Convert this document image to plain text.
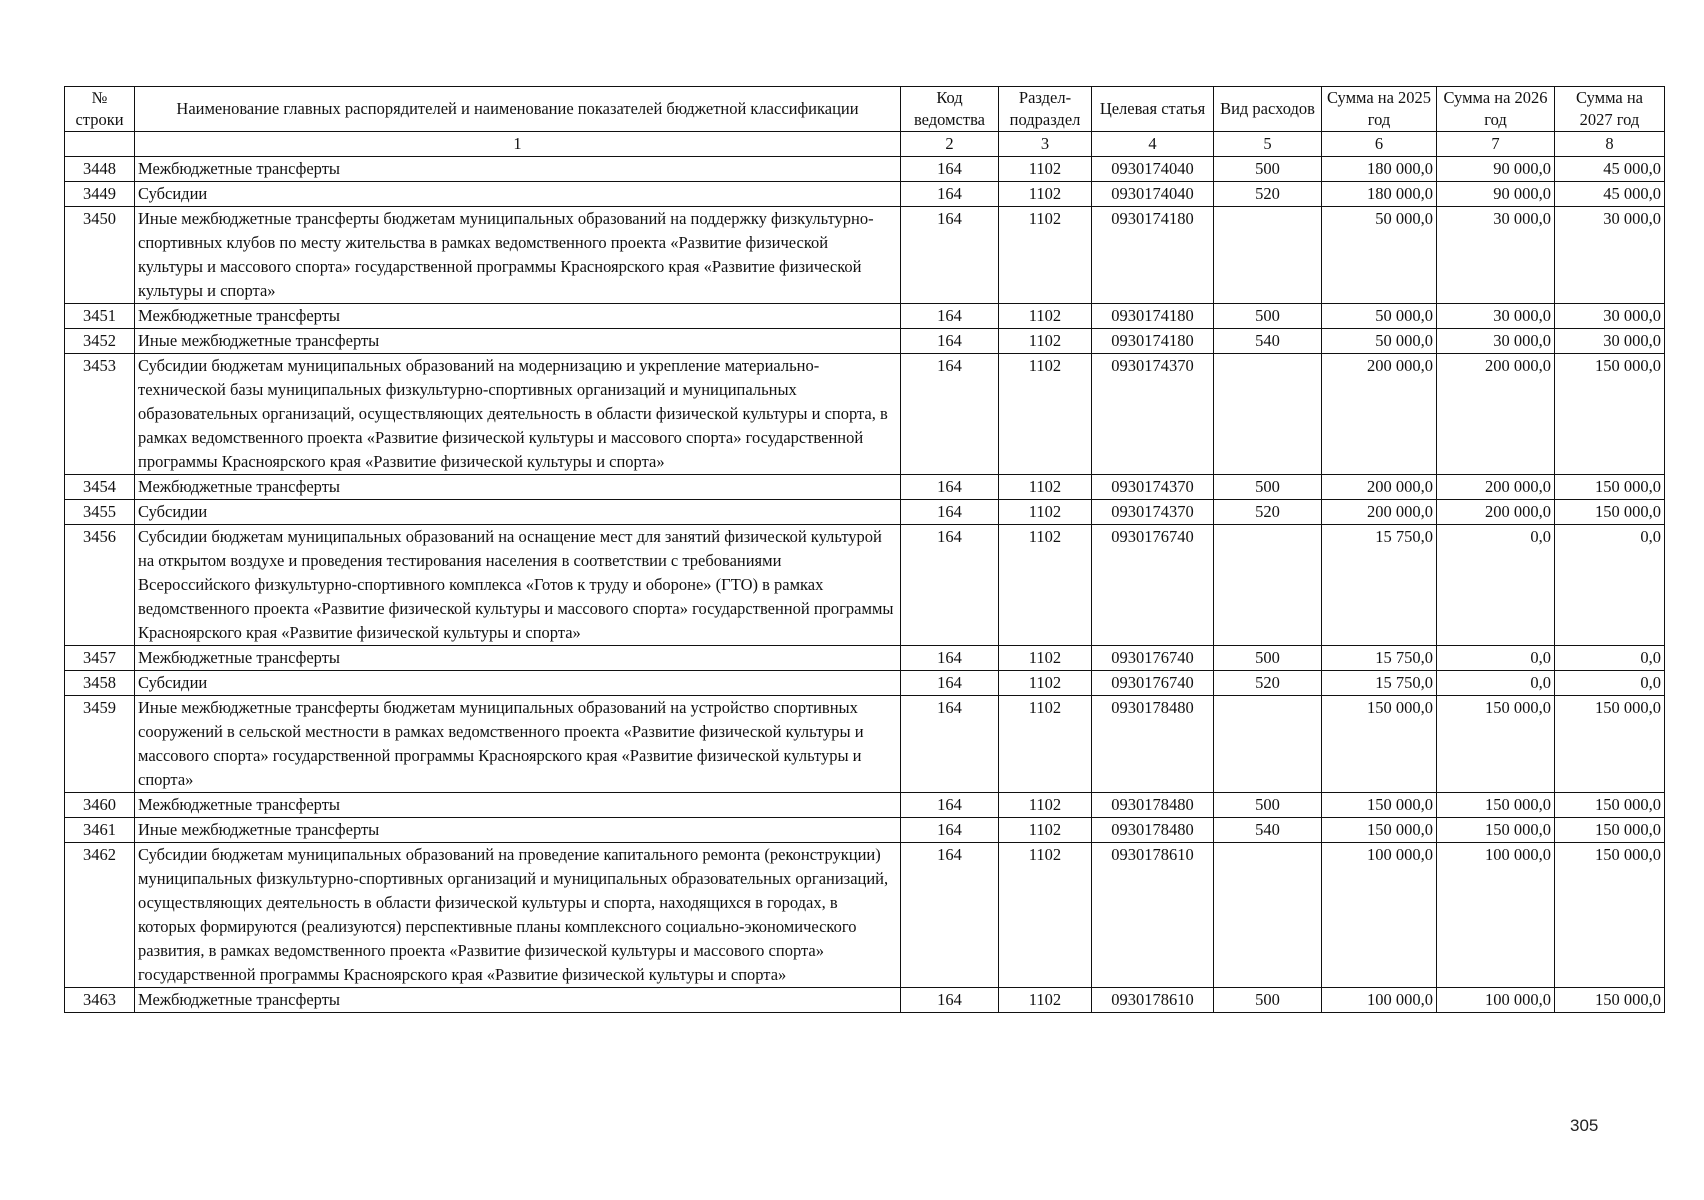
№ строки	Наименование главных распорядителей и наименование показателей бюджетной классификации	Код ведомства	Раздел- подраздел	Целевая статья	Вид расходов	Сумма на 2025 год	Сумма на 2026 год	Сумма на 2027 год
	1	2	3	4	5	6	7	8
3448	Межбюджетные трансферты	164	1102	0930174040	500	180 000,0	90 000,0	45 000,0
3449	Субсидии	164	1102	0930174040	520	180 000,0	90 000,0	45 000,0
3450	Иные межбюджетные трансферты бюджетам муниципальных образований на поддержку физкультурно-спортивных клубов по месту жительства в рамках ведомственного проекта «Развитие физической культуры и массового спорта» государственной программы Красноярского края «Развитие физической культуры и спорта»	164	1102	0930174180		50 000,0	30 000,0	30 000,0
3451	Межбюджетные трансферты	164	1102	0930174180	500	50 000,0	30 000,0	30 000,0
3452	Иные межбюджетные трансферты	164	1102	0930174180	540	50 000,0	30 000,0	30 000,0
3453	Субсидии бюджетам муниципальных образований на модернизацию и укрепление материально-технической базы муниципальных физкультурно-спортивных организаций и муниципальных образовательных организаций, осуществляющих деятельность в области физической культуры и спорта, в рамках ведомственного проекта «Развитие физической культуры и массового спорта» государственной программы Красноярского края «Развитие физической культуры и спорта»	164	1102	0930174370		200 000,0	200 000,0	150 000,0
3454	Межбюджетные трансферты	164	1102	0930174370	500	200 000,0	200 000,0	150 000,0
3455	Субсидии	164	1102	0930174370	520	200 000,0	200 000,0	150 000,0
3456	Субсидии бюджетам муниципальных образований на оснащение мест для занятий физической культурой на открытом воздухе и проведения тестирования населения в соответствии с требованиями Всероссийского физкультурно-спортивного комплекса «Готов к труду и обороне» (ГТО) в рамках ведомственного проекта «Развитие физической культуры и массового спорта» государственной программы Красноярского края «Развитие физической культуры и спорта»	164	1102	0930176740		15 750,0	0,0	0,0
3457	Межбюджетные трансферты	164	1102	0930176740	500	15 750,0	0,0	0,0
3458	Субсидии	164	1102	0930176740	520	15 750,0	0,0	0,0
3459	Иные межбюджетные трансферты бюджетам муниципальных образований на устройство спортивных сооружений в сельской местности в рамках ведомственного проекта «Развитие физической культуры и массового спорта» государственной программы Красноярского края «Развитие физической культуры и спорта»	164	1102	0930178480		150 000,0	150 000,0	150 000,0
3460	Межбюджетные трансферты	164	1102	0930178480	500	150 000,0	150 000,0	150 000,0
3461	Иные межбюджетные трансферты	164	1102	0930178480	540	150 000,0	150 000,0	150 000,0
3462	Субсидии бюджетам муниципальных образований на проведение капитального ремонта (реконструкции) муниципальных физкультурно-спортивных организаций и муниципальных образовательных организаций, осуществляющих деятельность в области физической культуры и спорта, находящихся в городах, в которых формируются (реализуются) перспективные планы комплексного социально-экономического развития, в рамках ведомственного проекта «Развитие физической культуры и массового спорта» государственной программы Красноярского края «Развитие физической культуры и спорта»	164	1102	0930178610		100 000,0	100 000,0	150 000,0
3463	Межбюджетные трансферты	164	1102	0930178610	500	100 000,0	100 000,0	150 000,0
305
